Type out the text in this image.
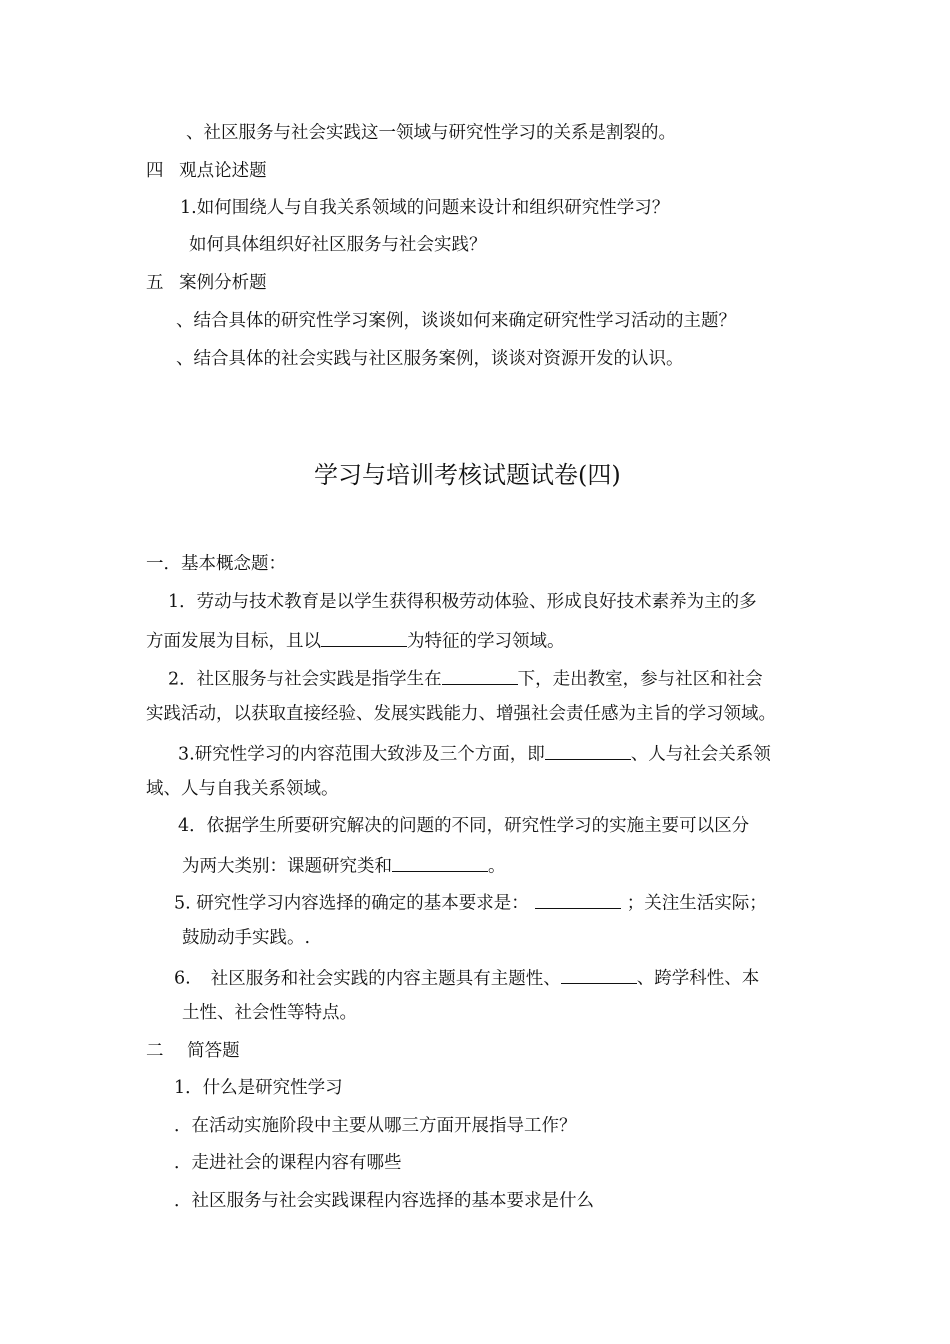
、社区服务与社会实践这一领域与研究性学习的关系是割裂的。
四 观点论述题
1.如何围绕人与自我关系领域的问题来设计和组织研究性学习？
如何具体组织好社区服务与社会实践？
五 案例分析题
、结合具体的研究性学习案例，谈谈如何来确定研究性学习活动的主题？
、结合具体的社会实践与社区服务案例，谈谈对资源开发的认识。
学习与培训考核试题试卷(四)
一．基本概念题：
1．劳动与技术教育是以学生获得积极劳动体验、形成良好技术素养为主的多
方面发展为目标，且以	为特征的学习领域。
2．社区服务与社会实践是指学生在	下，走出教室，参与社区和社会
实践活动，以获取直接经验、发展实践能力、增强社会责任感为主旨的学习领域。
3.研究性学习的内容范围大致涉及三个方面，即	、人与社会关系领
域、人与自我关系领域。
4．依据学生所要研究解决的问题的不同，研究性学习的实施主要可以区分
为两大类别：课题研究类和	。
5. 研究性学习内容选择的确定的基本要求是：	；关注生活实际；
鼓励动手实践。.
6. 社区服务和社会实践的内容主题具有主题性、	、跨学科性、本
土性、社会性等特点。
二 简答题
1．什么是研究性学习
．在活动实施阶段中主要从哪三方面开展指导工作？
．走进社会的课程内容有哪些
．社区服务与社会实践课程内容选择的基本要求是什么
